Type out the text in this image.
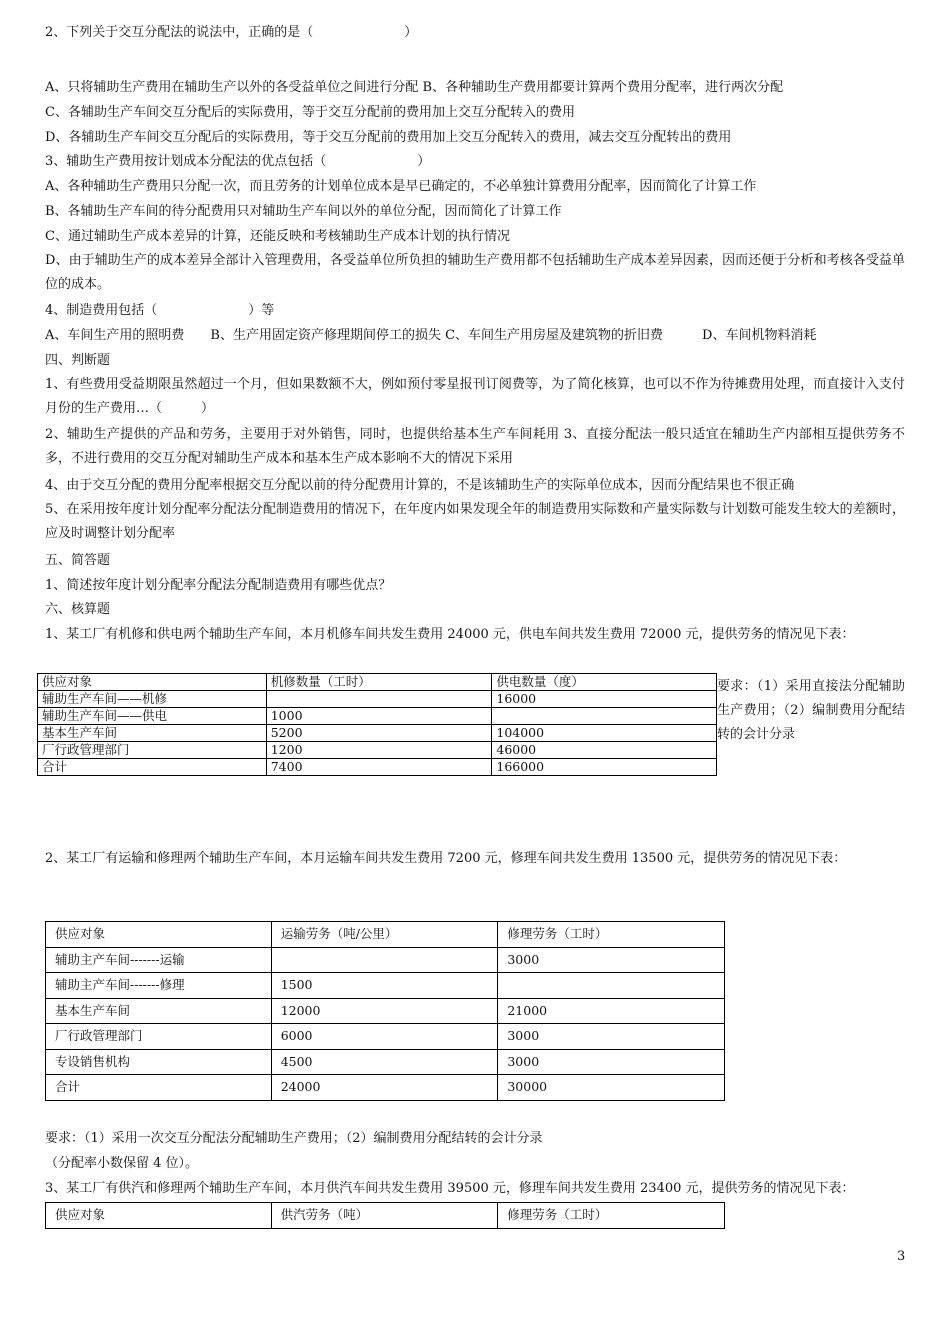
2、下列关于交互分配法的说法中，正确的是（　　　　　　　）
A、只将辅助生产费用在辅助生产以外的各受益单位之间进行分配 B、各种辅助生产费用都要计算两个费用分配率，进行两次分配
C、各辅助生产车间交互分配后的实际费用，等于交互分配前的费用加上交互分配转入的费用
D、各辅助生产车间交互分配后的实际费用，等于交互分配前的费用加上交互分配转入的费用，减去交互分配转出的费用
3、辅助生产费用按计划成本分配法的优点包括（　　　　　　　）
A、各种辅助生产费用只分配一次，而且劳务的计划单位成本是早已确定的，不必单独计算费用分配率，因而简化了计算工作
B、各辅助生产车间的待分配费用只对辅助生产车间以外的单位分配，因而简化了计算工作
C、通过辅助生产成本差异的计算，还能反映和考核辅助生产成本计划的执行情况
D、由于辅助生产的成本差异全部计入管理费用，各受益单位所负担的辅助生产费用都不包括辅助生产成本差异因素，因而还便于分析和考核各受益单位的成本。
4、制造费用包括（　　　　　　　）等
A、车间生产用的照明费　　B、生产用固定资产修理期间停工的损失 C、车间生产用房屋及建筑物的折旧费　　　D、车间机物料消耗
四、判断题
1、有些费用受益期限虽然超过一个月，但如果数额不大，例如预付零星报刊订阅费等，为了简化核算，也可以不作为待摊费用处理，而直接计入支付月份的生产费用…（　　　）
2、辅助生产提供的产品和劳务，主要用于对外销售，同时，也提供给基本生产车间耗用 3、直接分配法一般只适宜在辅助生产内部相互提供劳务不多，不进行费用的交互分配对辅助生产成本和基本生产成本影响不大的情况下采用
4、由于交互分配的费用分配率根据交互分配以前的待分配费用计算的，不是该辅助生产的实际单位成本，因而分配结果也不很正确
5、在采用按年度计划分配率分配法分配制造费用的情况下，在年度内如果发现全年的制造费用实际数和产量实际数与计划数可能发生较大的差额时，应及时调整计划分配率
五、简答题
1、简述按年度计划分配率分配法分配制造费用有哪些优点？
六、核算题
1、某工厂有机修和供电两个辅助生产车间，本月机修车间共发生费用 24000 元，供电车间共发生费用 72000 元，提供劳务的情况见下表：
供应对象	机修数量（工时）	供电数量（度）
辅助生产车间——机修		16000
辅助生产车间——供电	1000	
基本生产车间	5200	104000
厂行政管理部门	1200	46000
合计	7400	166000
要求：（1）采用直接法分配辅助生产费用；（2）编制费用分配结转的会计分录
2、某工厂有运输和修理两个辅助生产车间，本月运输车间共发生费用 7200 元，修理车间共发生费用 13500 元，提供劳务的情况见下表：
供应对象	运输劳务（吨/公里）	修理劳务（工时）
辅助主产车间-------运输		3000
辅助主产车间-------修理	1500	
基本生产车间	12000	21000
厂行政管理部门	6000	3000
专设销售机构	4500	3000
合计	24000	30000
要求：（1）采用一次交互分配法分配辅助生产费用；（2）编制费用分配结转的会计分录
（分配率小数保留 4 位）。
3、某工厂有供汽和修理两个辅助生产车间，本月供汽车间共发生费用 39500 元，修理车间共发生费用 23400 元，提供劳务的情况见下表：
供应对象	供汽劳务（吨）	修理劳务（工时）
3
